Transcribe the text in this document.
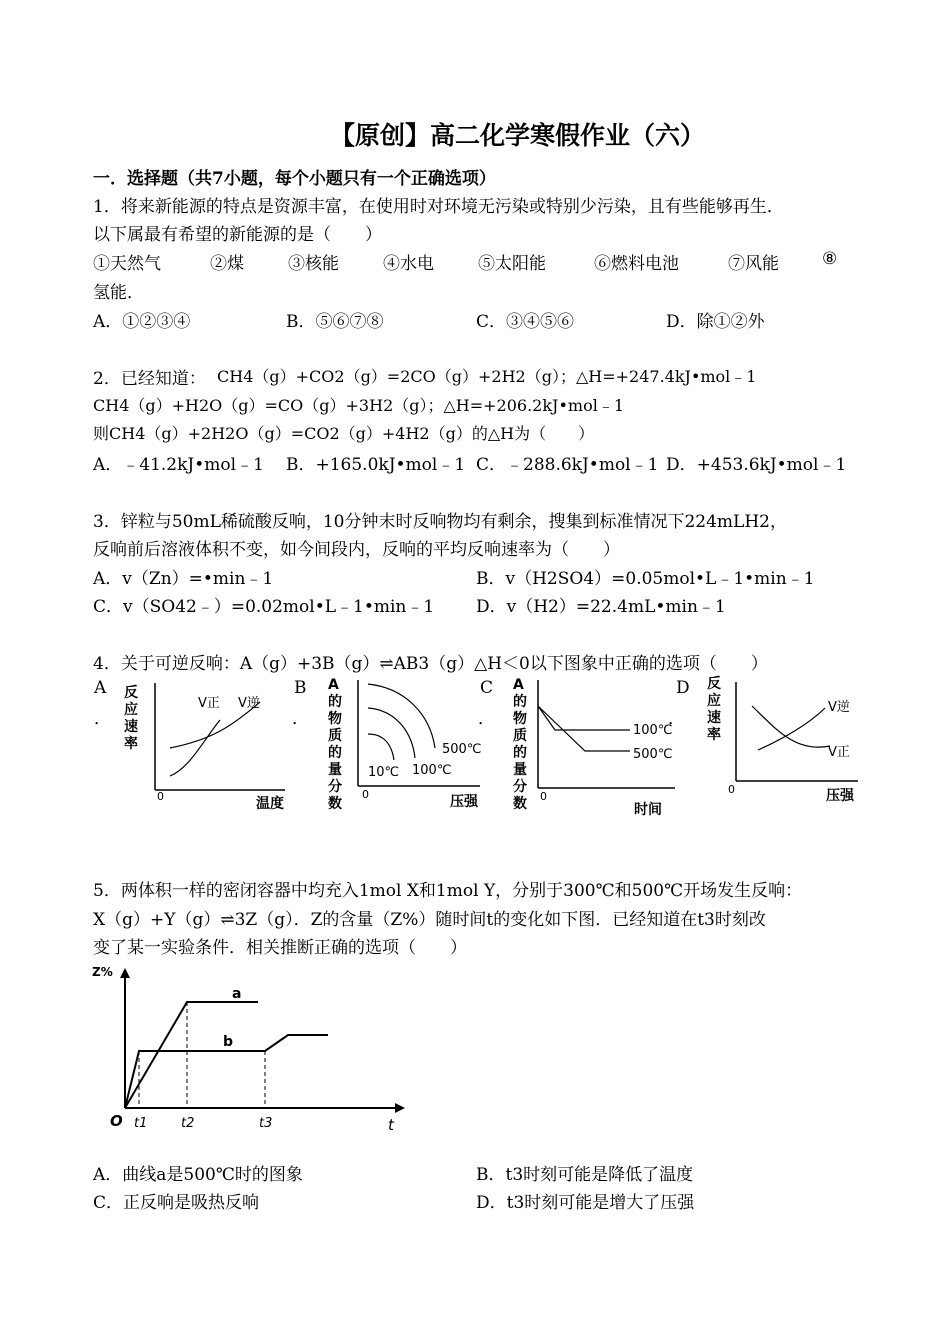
【原创】高二化学寒假作业（六）
一．选择题（共7小题，每个小题只有一个正确选项）
1．将来新能源的特点是资源丰富，在使用时对环境无污染或特别少污染，且有些能够再生．
以下属最有希望的新能源的是（　　）
①天然气	②煤	③核能	④水电	⑤太阳能	⑥燃料电池	⑦风能	⑧
氢能．
A．①②③④	B．⑤⑥⑦⑧	C．③④⑤⑥	D．除①②外
2．已经知道： CH4（g）+CO2（g）=2CO（g）+2H2（g）；△H=+247.4kJ•mol﹣1
CH4（g）+H2O（g）=CO（g）+3H2（g）；△H=+206.2kJ•mol﹣1
则CH4（g）+2H2O（g）=CO2（g）+4H2（g）的△H为（　　）
A．﹣41.2kJ•mol﹣1 B．+165.0kJ•mol﹣1 C．﹣288.6kJ•mol﹣1 D．+453.6kJ•mol﹣1
3．锌粒与50mL稀硫酸反响，10分钟末时反响物均有剩余，搜集到标准情况下224mLH2，
反响前后溶液体积不变，如今间段内，反响的平均反响速率为（　　）
A．v（Zn）=•min﹣1	B．v（H2SO4）=0.05mol•L﹣1•min﹣1
C．v（SO42﹣）=0.02mol•L﹣1•min﹣1 D．v（H2）=22.4mL•min﹣1
4．关于可逆反响：A（g）+3B（g）⇌AB3（g）△H＜0以下图象中正确的选项（　　）
A
．
B
．
C
．
D
．
V正 V逆
0
反应速率
温度
10℃ 100℃
500℃
0
A的物质的量分数	压强
100℃
500℃
0
A的物质的量分数	时间
V逆
V正
0
反应速率
压强
5．两体积一样的密闭容器中均充入1mol X和1mol Y，分别于300℃和500℃开场发生反响：
X（g）+Y（g）⇌3Z（g）．Z的含量（Z%）随时间t的变化如下图．已经知道在t3时刻改
变了某一实验条件．相关推断正确的选项（　　）
Z%
a
b
O t1	t2	t3	t
A．曲线a是500℃时的图象	B．t3时刻可能是降低了温度
C．正反响是吸热反响	D．t3时刻可能是增大了压强
